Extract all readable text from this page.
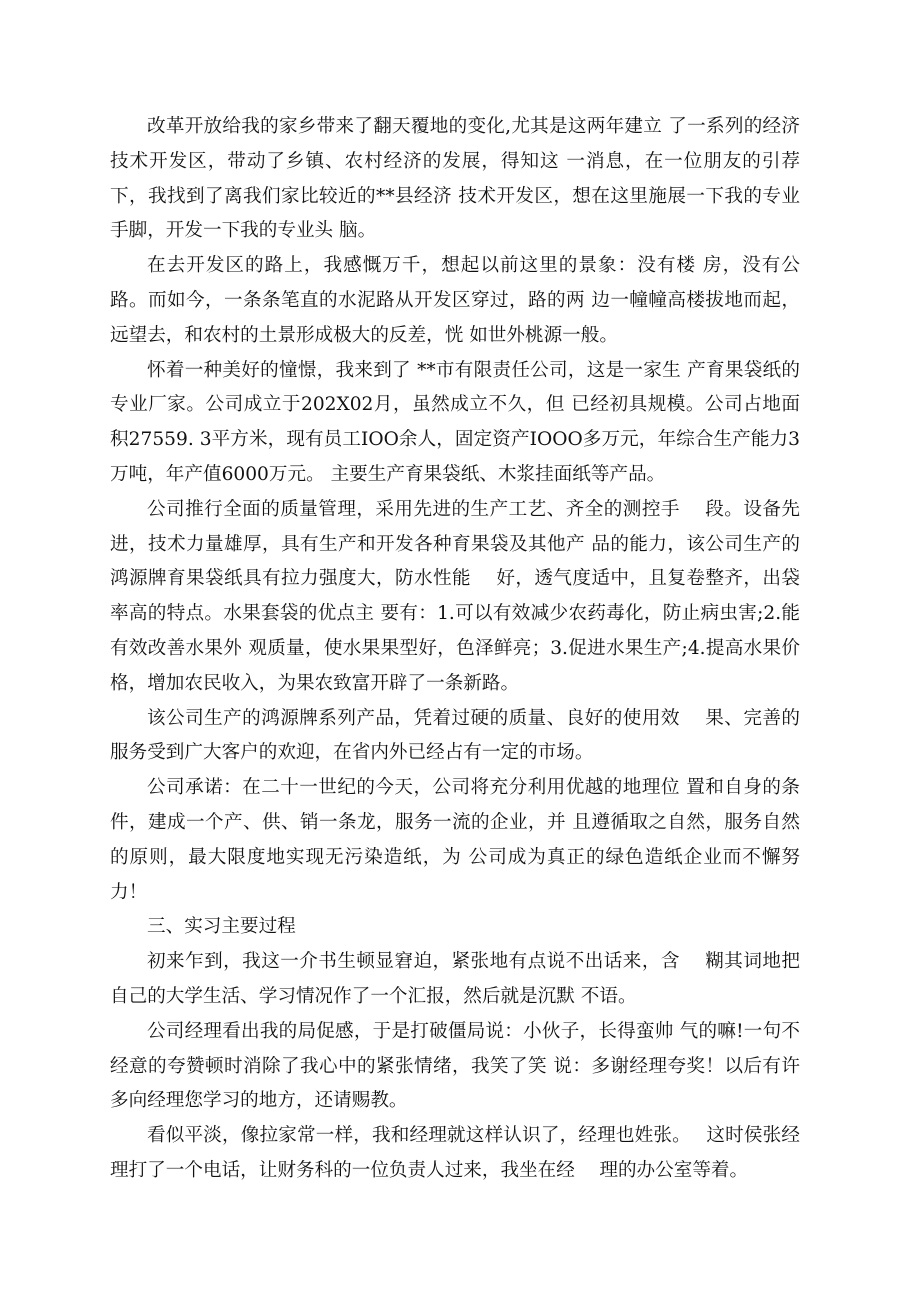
改革开放给我的家乡带来了翻天覆地的变化,尤其是这两年建立 了一系列的经济技术开发区，带动了乡镇、农村经济的发展，得知这 一消息，在一位朋友的引荐下，我找到了离我们家比较近的**县经济 技术开发区，想在这里施展一下我的专业手脚，开发一下我的专业头 脑。

在去开发区的路上，我感慨万千，想起以前这里的景象：没有楼 房，没有公路。而如今，一条条笔直的水泥路从开发区穿过，路的两 边一幢幢高楼拔地而起，远望去，和农村的土景形成极大的反差，恍 如世外桃源一般。

怀着一种美好的憧憬，我来到了 **市有限责任公司，这是一家生 产育果袋纸的专业厂家。公司成立于202X02月，虽然成立不久，但 已经初具规模。公司占地面积27559. 3平方米，现有员工IOO余人，固定资产IOOO多万元，年综合生产能力3万吨，年产值6000万元。 主要生产育果袋纸、木浆挂面纸等产品。

公司推行全面的质量管理，采用先进的生产工艺、齐全的测控手　 段。设备先进，技术力量雄厚，具有生产和开发各种育果袋及其他产 品的能力，该公司生产的鸿源牌育果袋纸具有拉力强度大，防水性能　 好，透气度适中，且复卷整齐，出袋率高的特点。水果套袋的优点主 要有：1.可以有效减少农药毒化，防止病虫害;2.能有效改善水果外 观质量，使水果果型好，色泽鲜亮；3.促进水果生产;4.提高水果价格，增加农民收入，为果农致富开辟了一条新路。

该公司生产的鸿源牌系列产品，凭着过硬的质量、良好的使用效　 果、完善的服务受到广大客户的欢迎，在省内外已经占有一定的市场。

公司承诺：在二十一世纪的今天，公司将充分利用优越的地理位 置和自身的条件，建成一个产、供、销一条龙，服务一流的企业，并 且遵循取之自然，服务自然的原则，最大限度地实现无污染造纸，为 公司成为真正的绿色造纸企业而不懈努力！

三、实习主要过程

初来乍到，我这一介书生顿显窘迫，紧张地有点说不出话来，含　 糊其词地把自己的大学生活、学习情况作了一个汇报，然后就是沉默 不语。

公司经理看出我的局促感，于是打破僵局说：小伙子，长得蛮帅 气的嘛!一句不经意的夸赞顿时消除了我心中的紧张情绪，我笑了笑 说：多谢经理夸奖！以后有许多向经理您学习的地方，还请赐教。

看似平淡，像拉家常一样，我和经理就这样认识了，经理也姓张。　 这时侯张经理打了一个电话，让财务科的一位负责人过来，我坐在经　 理的办公室等着。
